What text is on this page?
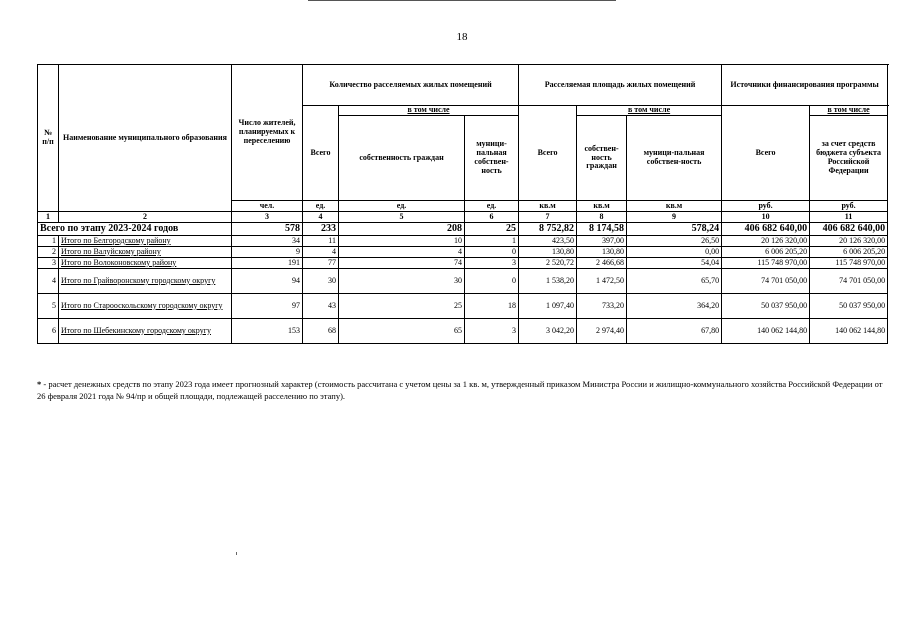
18
№ п/п	Наименование муниципального образования	Число жителей, планируемых к переселению	Количество расселяемых жилых помещений			Расселяемая площадь жилых помещений			Источники финансирования программы		
			Всего	в том числе		Всего	в том числе		Всего	в том числе	
				собственность граждан	муници-пальная собствен-ность		собствен-ность граждан	муници-пальная собствен-ность		за счет средств бюджета субъекта Российской Федерации	
		чел.	ед.	ед.	ед.	кв.м	кв.м	кв.м	руб.	руб.	
1	2	3	4	5	6	7	8	9	10	11	
Всего по этапу 2023-2024 годов		578	233	208	25	8 752,82	8 174,58	578,24	406 682 640,00	406 682 640,00	
1	Итого по Белгородскому району	34	11	10	1	423,50	397,00	26,50	20 126 320,00	20 126 320,00	
2	Итого по Валуйскому району	9	4	4	0	130,80	130,80	0,00	6 006 205,20	6 006 205,20	
3	Итого по Волоконовскому району	191	77	74	3	2 520,72	2 466,68	54,04	115 748 970,00	115 748 970,00	
4	Итого по Грайворонскому городскому округу	94	30	30	0	1 538,20	1 472,50	65,70	74 701 050,00	74 701 050,00	
5	Итого по Старооскольскому городскому округу	97	43	25	18	1 097,40	733,20	364,20	50 037 950,00	50 037 950,00	
6	Итого по Шебекинскому городскому округу	153	68	65	3	3 042,20	2 974,40	67,80	140 062 144,80	140 062 144,80	
* - расчет денежных средств по этапу 2023 года имеет прогнозный характер (стоимость рассчитана с учетом цены за 1 кв. м, утвержденный приказом Министра России и жилищно-коммунального хозяйства Российской Федерации от 26 февраля 2021 года № 94/пр и общей площади, подлежащей расселению по этапу).
